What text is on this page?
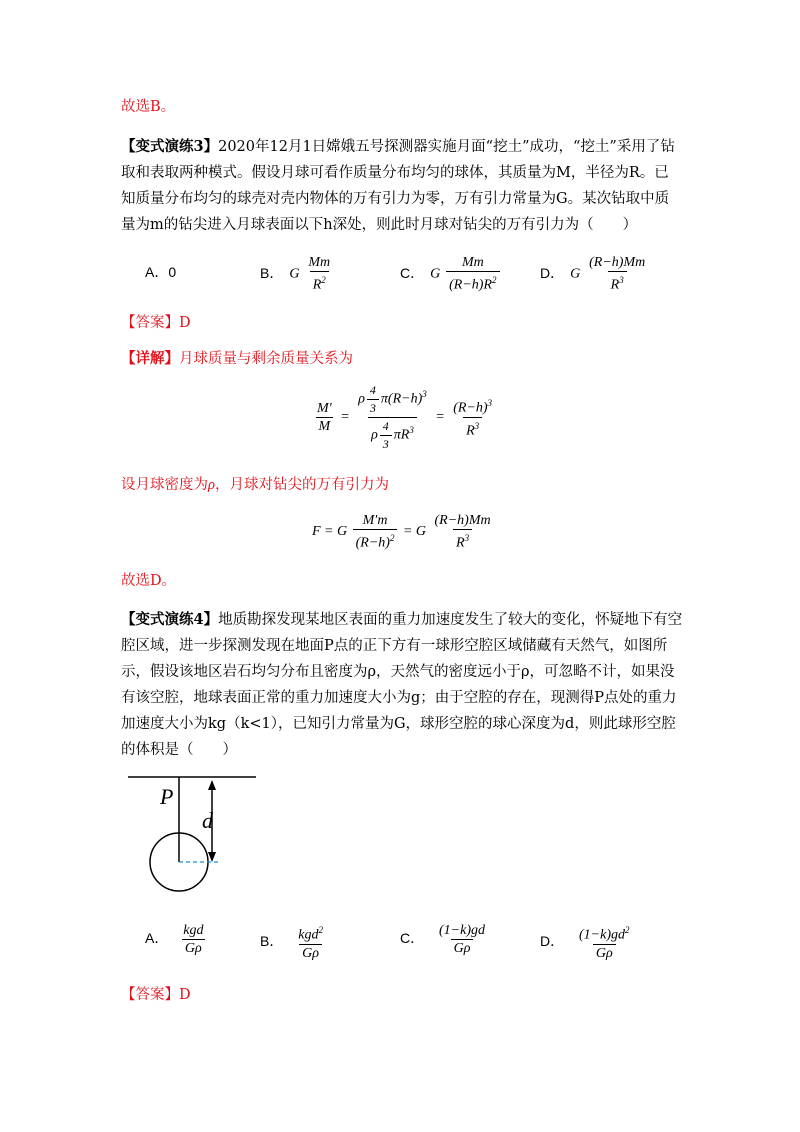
故选B。
【变式演练3】2020年12月1日嫦娥五号探测器实施月面“挖土”成功，“挖土”采用了钻取和表取两种模式。假设月球可看作质量分布均匀的球体，其质量为M，半径为R。已知质量分布均匀的球壳对壳内物体的万有引力为零，万有引力常量为G。某次钻取中质量为m的钻尖进入月球表面以下h深处，则此时月球对钻尖的万有引力为（　　）
A．0	B． G $\frac{Mm}{R^2}$	C． G $\frac{Mm}{(R-h)R^2}$	D． G $\frac{(R-h)Mm}{R^3}$
【答案】D
【详解】月球质量与剩余质量关系为
$\frac{M'}{M} = \frac{\rho \frac{4}{3} \pi(R-h)^3}{\rho \frac{4}{3} \pi R^3} = \frac{(R-h)^3}{R^3}$
设月球密度为ρ，月球对钻尖的万有引力为
F = G $\frac{M'm}{(R-h)^2} = G \frac{(R-h)Mm}{R^3}$
故选D。
【变式演练4】地质勘探发现某地区表面的重力加速度发生了较大的变化，怀疑地下有空腔区域，进一步探测发现在地面P点的正下方有一球形空腔区域储藏有天然气，如图所示，假设该地区岩石均匀分布且密度为ρ，天然气的密度远小于ρ，可忽略不计，如果没有该空腔，地球表面正常的重力加速度大小为g；由于空腔的存在，现测得P点处的重力加速度大小为kg（k<1），已知引力常量为G，球形空腔的球心深度为d，则此球形空腔的体积是（　　）
P
d
A． $\frac{\text{kgd}}{G\rho}$	B． $\frac{kgd^2}{G\rho}$	C． $\frac{(1-k)gd}{G\rho}$	D． $\frac{(1-k)gd^2}{G\rho}$
【答案】D
